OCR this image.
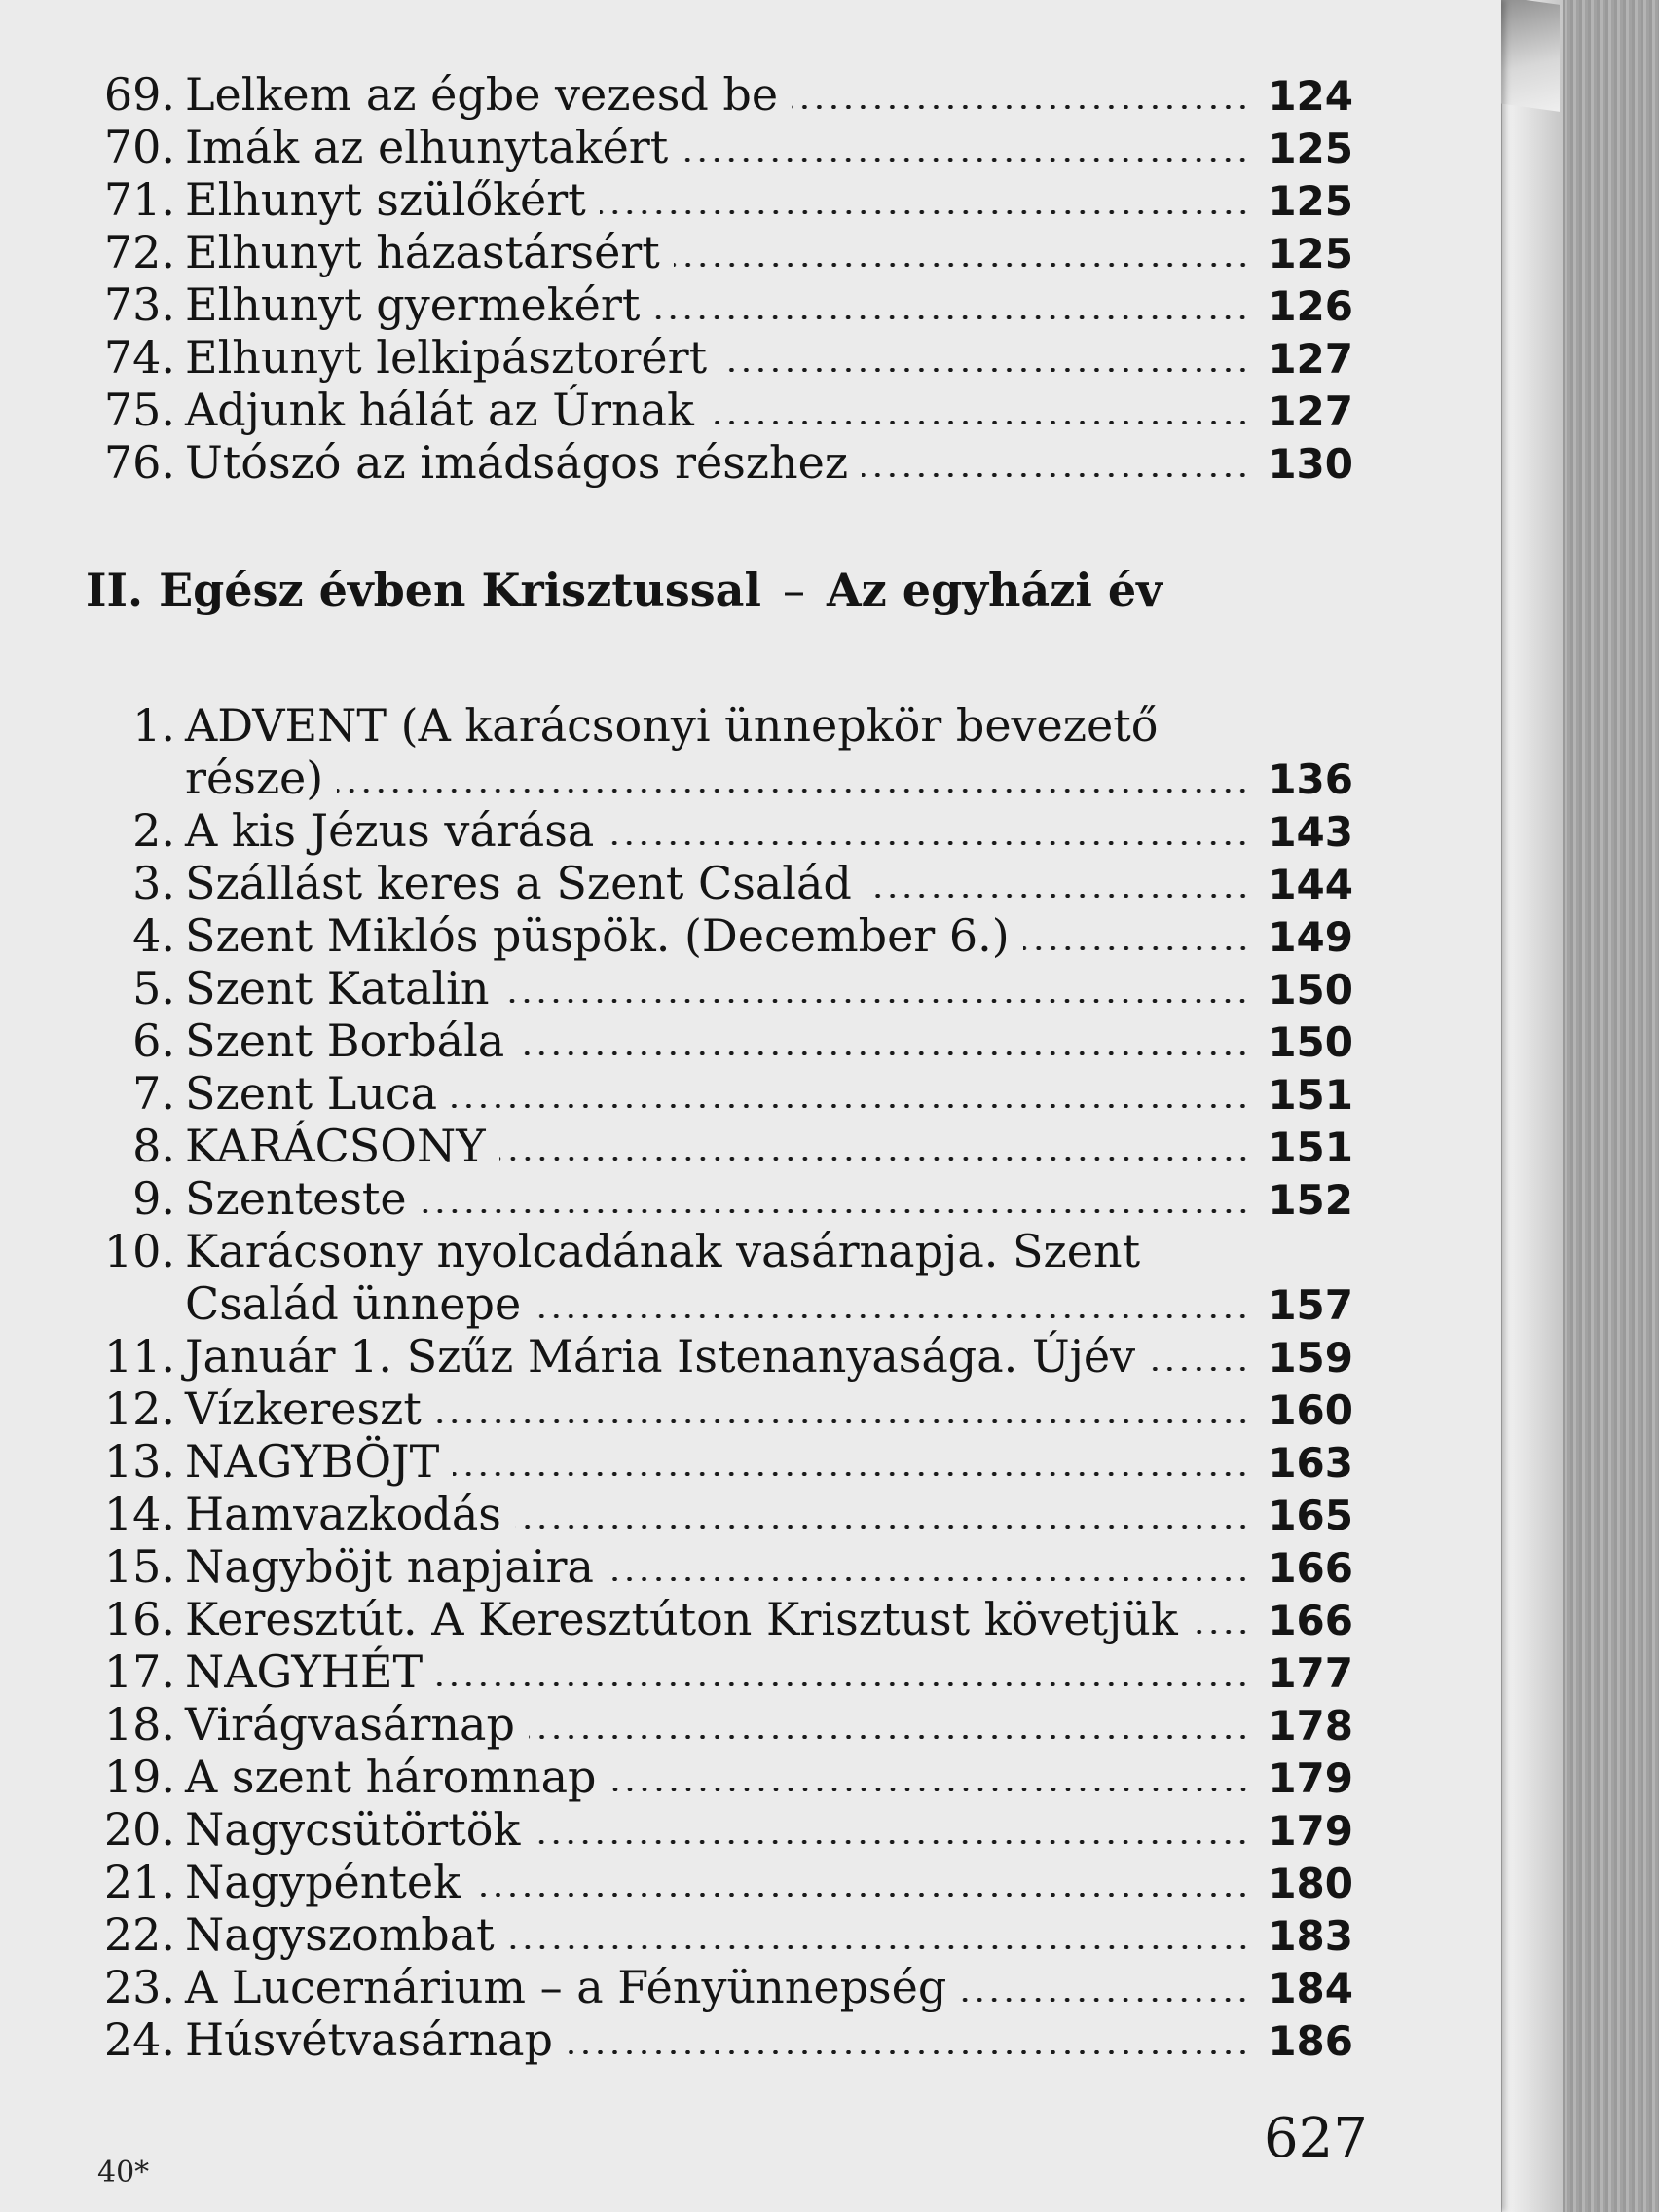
II. Egész évben Krisztussal – Az egyházi év
40*
627
69. Lelkem az égbe vezesd be	124
70. Imák az elhunytakért	125
71. Elhunyt szülőkért	125
72. Elhunyt házastársért	125
73. Elhunyt gyermekért	126
74. Elhunyt lelkipásztorért	127
75. Adjunk hálát az Úrnak	127
76. Utószó az imádságos részhez	130
1. ADVENT (A karácsonyi ünnepkör bevezető
része)	136
2. A kis Jézus várása	143
3. Szállást keres a Szent Család	144
4. Szent Miklós püspök. (December 6.)	149
5. Szent Katalin	150
6. Szent Borbála	150
7. Szent Luca	151
8. KARÁCSONY	151
9. Szenteste	152
10. Karácsony nyolcadának vasárnapja. Szent
Család ünnepe	157
11. Január 1. Szűz Mária Istenanyasága. Újév	159
12. Vízkereszt	160
13. NAGYBÖJT	163
14. Hamvazkodás	165
15. Nagyböjt napjaira	166
16. Keresztút. A Keresztúton Krisztust követjük 166
17. NAGYHÉT	177
18. Virágvasárnap	178
19. A szent háromnap	179
20. Nagycsütörtök	179
21. Nagypéntek	180
22. Nagyszombat	183
23. A Lucernárium – a Fényünnepség	184
24. Húsvétvasárnap	186
